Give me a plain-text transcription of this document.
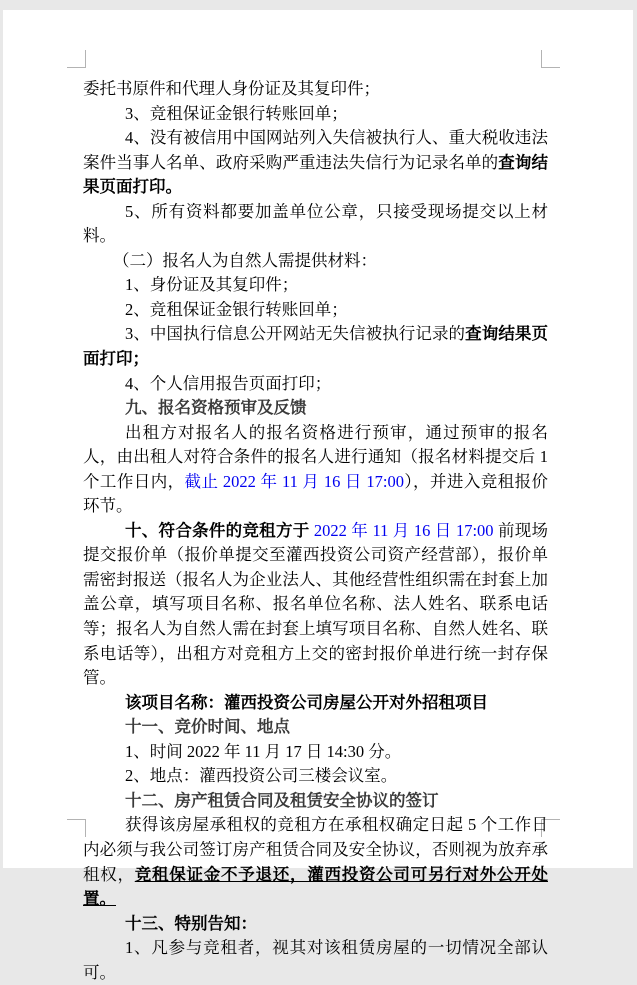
委托书原件和代理人身份证及其复印件；

3、竞租保证金银行转账回单；

4、没有被信用中国网站列入失信被执行人、重大税收违法案件当事人名单、政府采购严重违法失信行为记录名单的查询结果页面打印。

5、所有资料都要加盖单位公章，只接受现场提交以上材料。

（二）报名人为自然人需提供材料：

1、身份证及其复印件；

2、竞租保证金银行转账回单；

3、中国执行信息公开网站无失信被执行记录的查询结果页面打印；

4、个人信用报告页面打印；

九、报名资格预审及反馈

出租方对报名人的报名资格进行预审，通过预审的报名人，由出租人对符合条件的报名人进行通知（报名材料提交后 1 个工作日内，截止 2022 年 11 月 16 日 17:00），并进入竞租报价环节。

十、符合条件的竞租方于 2022 年 11 月 16 日 17:00 前现场提交报价单（报价单提交至灌西投资公司资产经营部），报价单需密封报送（报名人为企业法人、其他经营性组织需在封套上加盖公章，填写项目名称、报名单位名称、法人姓名、联系电话等；报名人为自然人需在封套上填写项目名称、自然人姓名、联系电话等），出租方对竞租方上交的密封报价单进行统一封存保管。

该项目名称：灌西投资公司房屋公开对外招租项目

十一、竞价时间、地点

1、时间 2022 年 11 月 17 日 14:30 分。

2、地点：灌西投资公司三楼会议室。

十二、房产租赁合同及租赁安全协议的签订

获得该房屋承租权的竞租方在承租权确定日起 5 个工作日内必须与我公司签订房产租赁合同及安全协议，否则视为放弃承租权，竞租保证金不予退还，灌西投资公司可另行对外公开处置。

十三、特别告知：

1、凡参与竞租者，视其对该租赁房屋的一切情况全部认可。
